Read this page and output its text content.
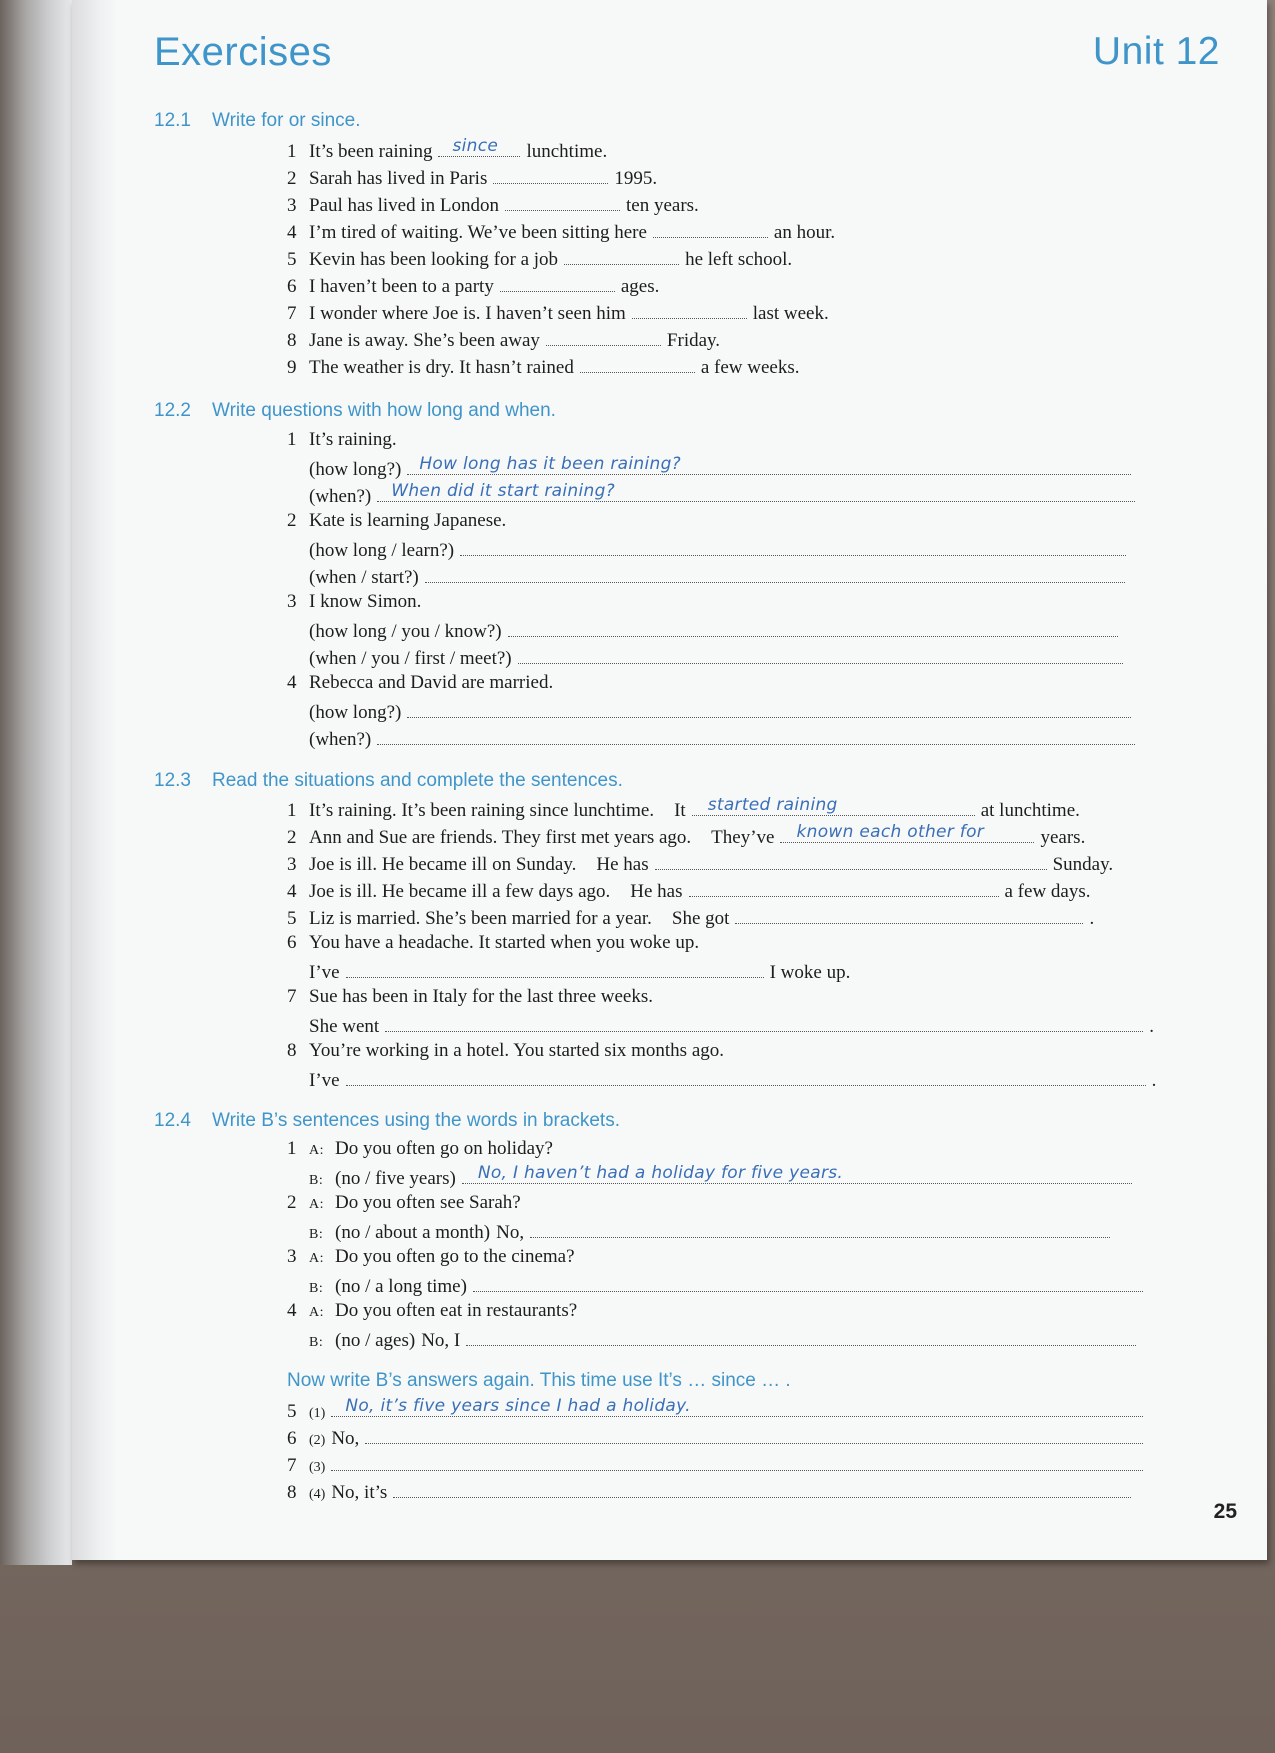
Exercises	Unit 12
25
12.1 Write for or since.
1 It’s been raining since lunchtime.
2 Sarah has lived in Paris	1995.
3 Paul has lived in London	ten years.
4 I’m tired of waiting. We’ve been sitting here	an hour.
5 Kevin has been looking for a job	he left school.
6 I haven’t been to a party	ages.
7 I wonder where Joe is. I haven’t seen him	last week.
8 Jane is away. She’s been away	Friday.
9 The weather is dry. It hasn’t rained	a few weeks.
12.2 Write questions with how long and when.
1 It’s raining.
(how long?) How long has it been raining?
(when?) When did it start raining?
2 Kate is learning Japanese.
(how long / learn?)
(when / start?)
3 I know Simon.
(how long / you / know?)
(when / you / first / meet?)
4 Rebecca and David are married.
(how long?)
(when?)
12.3 Read the situations and complete the sentences.
1 It’s raining. It’s been raining since lunchtime. It started raining	at lunchtime.
2 Ann and Sue are friends. They first met years ago. They’ve known each other for	years.
3 Joe is ill. He became ill on Sunday. He has	Sunday.
4 Joe is ill. He became ill a few days ago. He has	a few days.
5 Liz is married. She’s been married for a year. She got	.
6 You have a headache. It started when you woke up.
I’ve	I woke up.
7 Sue has been in Italy for the last three weeks.
She went	.
8 You’re working in a hotel. You started six months ago.
I’ve	.
12.4 Write B’s sentences using the words in brackets.
1 A: Do you often go on holiday?
B: (no / five years) No, I haven’t had a holiday for five years.
2 A: Do you often see Sarah?
B: (no / about a month) No,
3 A: Do you often go to the cinema?
B: (no / a long time)
4 A: Do you often eat in restaurants?
B: (no / ages) No, I
Now write B’s answers again. This time use It’s … since … .
5 (1) No, it’s five years since I had a holiday.
6 (2) No,
7 (3)
8 (4) No, it’s
